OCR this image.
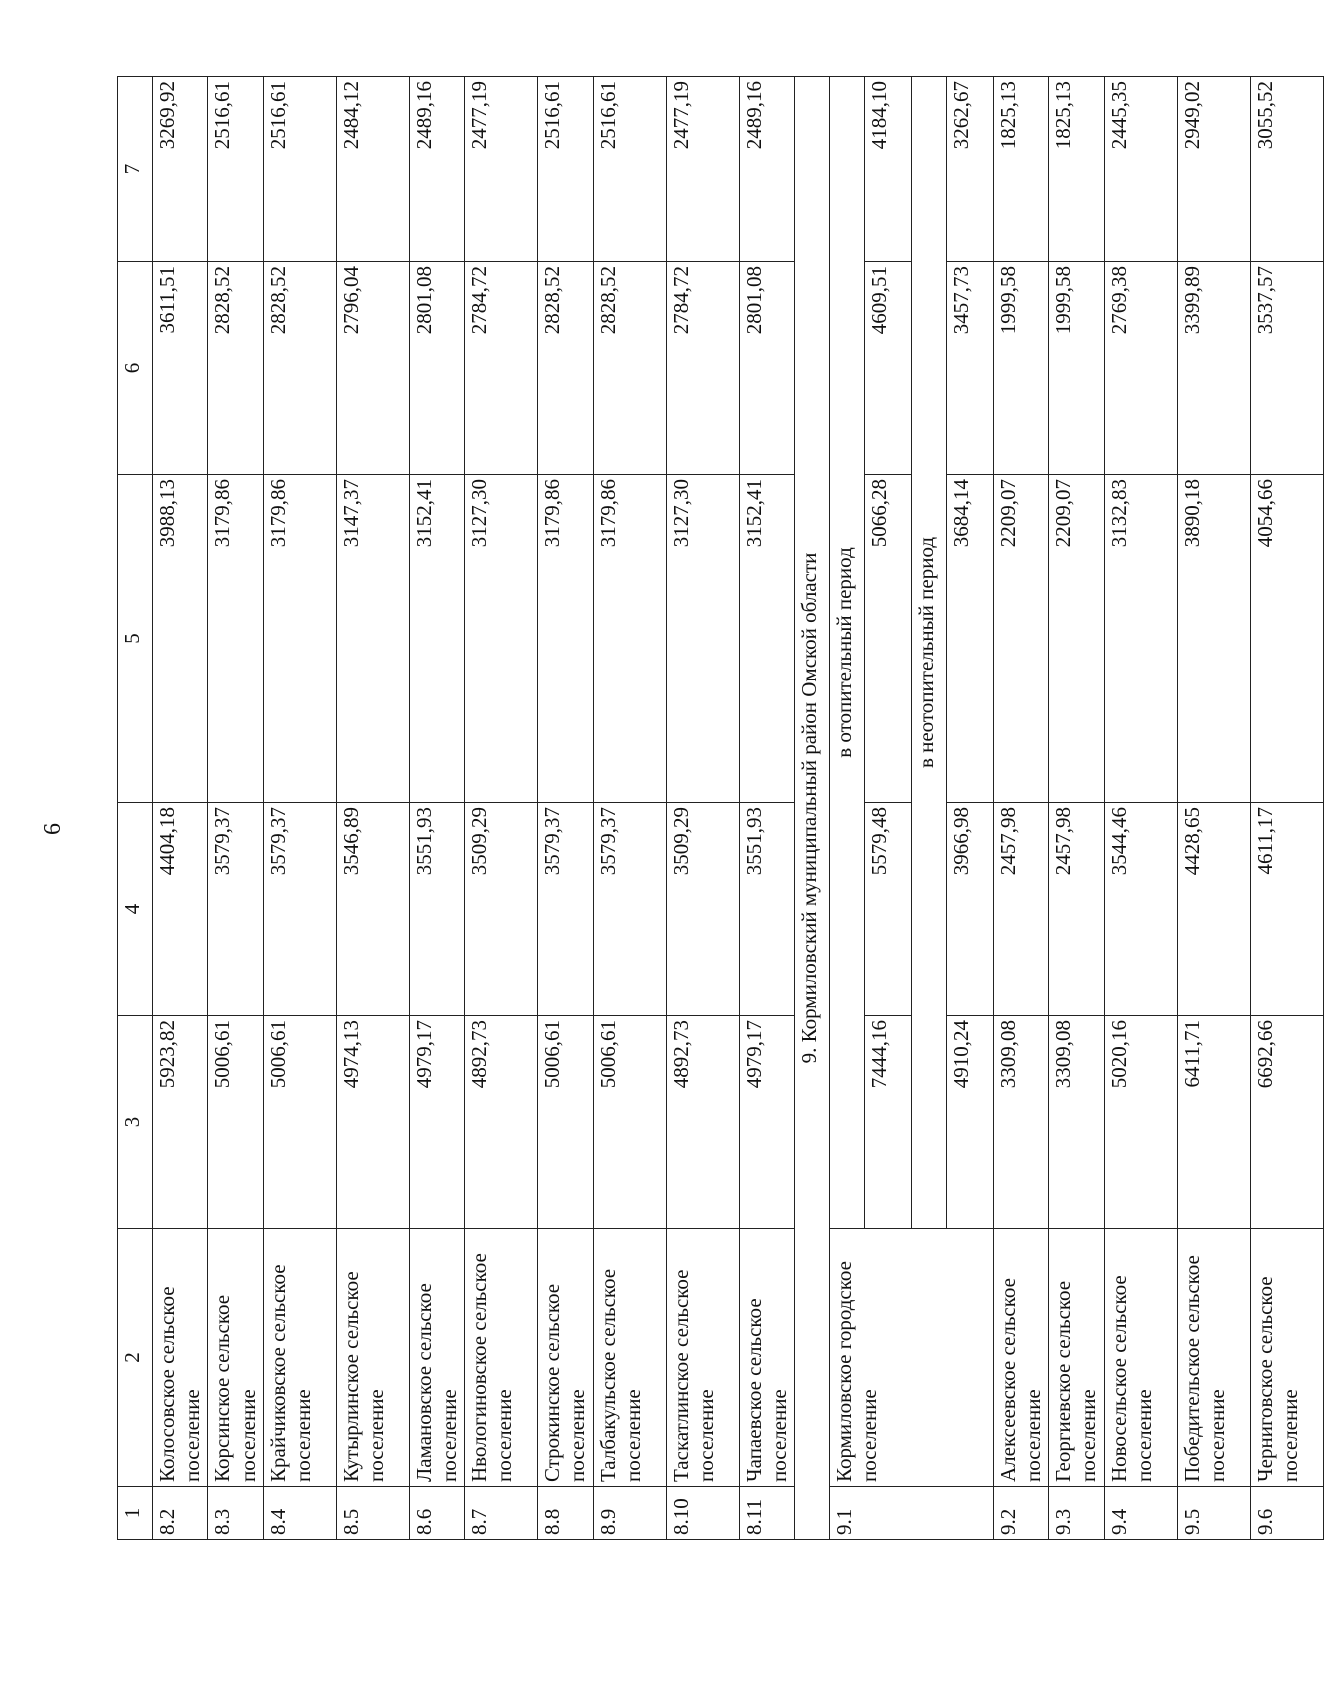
6
1	2	3	4	5	6	7
8.2	Колосовское сельское поселение	5923,82	4404,18	3988,13	3611,51	3269,92
8.3	Корсинское сельское поселение	5006,61	3579,37	3179,86	2828,52	2516,61
8.4	Крайчиковское сельское поселение	5006,61	3579,37	3179,86	2828,52	2516,61
8.5	Кутырлинское сельское поселение	4974,13	3546,89	3147,37	2796,04	2484,12
8.6	Ламановское сельское поселение	4979,17	3551,93	3152,41	2801,08	2489,16
8.7	Нвологиновское сельское поселение	4892,73	3509,29	3127,30	2784,72	2477,19
8.8	Строкинское сельское поселение	5006,61	3579,37	3179,86	2828,52	2516,61
8.9	Талбакульское сельское поселение	5006,61	3579,37	3179,86	2828,52	2516,61
8.10	Таскатлинское сельское поселение	4892,73	3509,29	3127,30	2784,72	2477,19
8.11	Чапаевское сельское поселение	4979,17	3551,93	3152,41	2801,08	2489,16
9. Кормиловский муниципальный район Омской области						
9.1	Кормиловское городское поселение	в отопительный период				
		7444,16	5579,48	5066,28	4609,51	4184,10
		в неотопительный период				
		4910,24	3966,98	3684,14	3457,73	3262,67
9.2	Алексеевское сельское поселение	3309,08	2457,98	2209,07	1999,58	1825,13
9.3	Георгиевское сельское поселение	3309,08	2457,98	2209,07	1999,58	1825,13
9.4	Новосельское сельское поселение	5020,16	3544,46	3132,83	2769,38	2445,35
9.5	Победительское сельское поселение	6411,71	4428,65	3890,18	3399,89	2949,02
9.6	Черниговское сельское поселение	6692,66	4611,17	4054,66	3537,57	3055,52
